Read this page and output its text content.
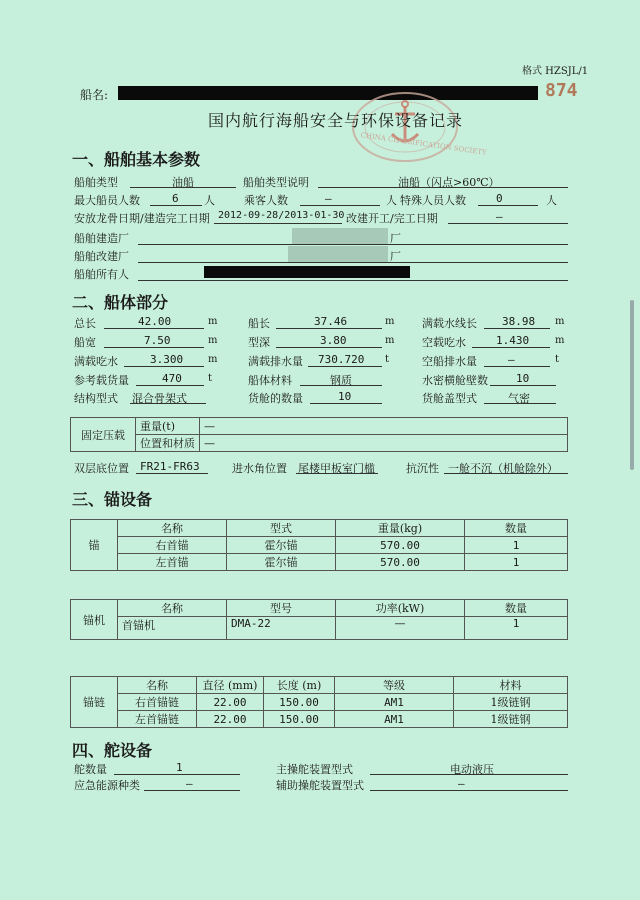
格式 HZSJL/1
船名:	874
CHINA CLASSIFICATION SOCIETY
国内航行海船安全与环保设备记录
一、船舶基本参数
船舶类型	油船	船舶类型说明	油船（闪点>60℃）
最大船员人数	6 人	乘客人数	—	人 特殊人员人数	0	人
安放龙骨日期/建造完工日期 2012-09-28/2013-01-30 改建开工/完工日期	—
船舶建造厂	厂
船舶改建厂	厂
船舶所有人
二、船体部分
总长	42.00	m	船长	37.46	m	满载水线长 38.98 m
船宽	7.50	m	型深	3.80	m	空载吃水	1.430	m
满载吃水	3.300 m	满载排水量 730.720 t	空船排水量	—	t
参考载货量	470	t	船体材料	钢质	水密横舱壁数	10
结构型式 混合骨架式	货舱的数量	10	货舱盖型式	气密
固定压载	重量(t)	—
	位置和材质	—
双层底位置 FR21-FR63	进水角位置 尾楼甲板室门槛	抗沉性 一舱不沉（机舱除外）
三、锚设备
锚	名称	型式	重量(kg)	数量
	右首锚	霍尔锚	570.00	1
	左首锚	霍尔锚	570.00	1
锚机	名称	型号	功率(kW)	数量
	首锚机	DMA-22	—	1
锚链	名称	直径 (mm)	长度 (m)	等级	材料
	右首锚链	22.00	150.00	AM1	1级链钢
	左首锚链	22.00	150.00	AM1	1级链钢
四、舵设备
舵数量	1	主操舵装置型式	电动液压
应急能源种类	—	辅助操舵装置型式	—
